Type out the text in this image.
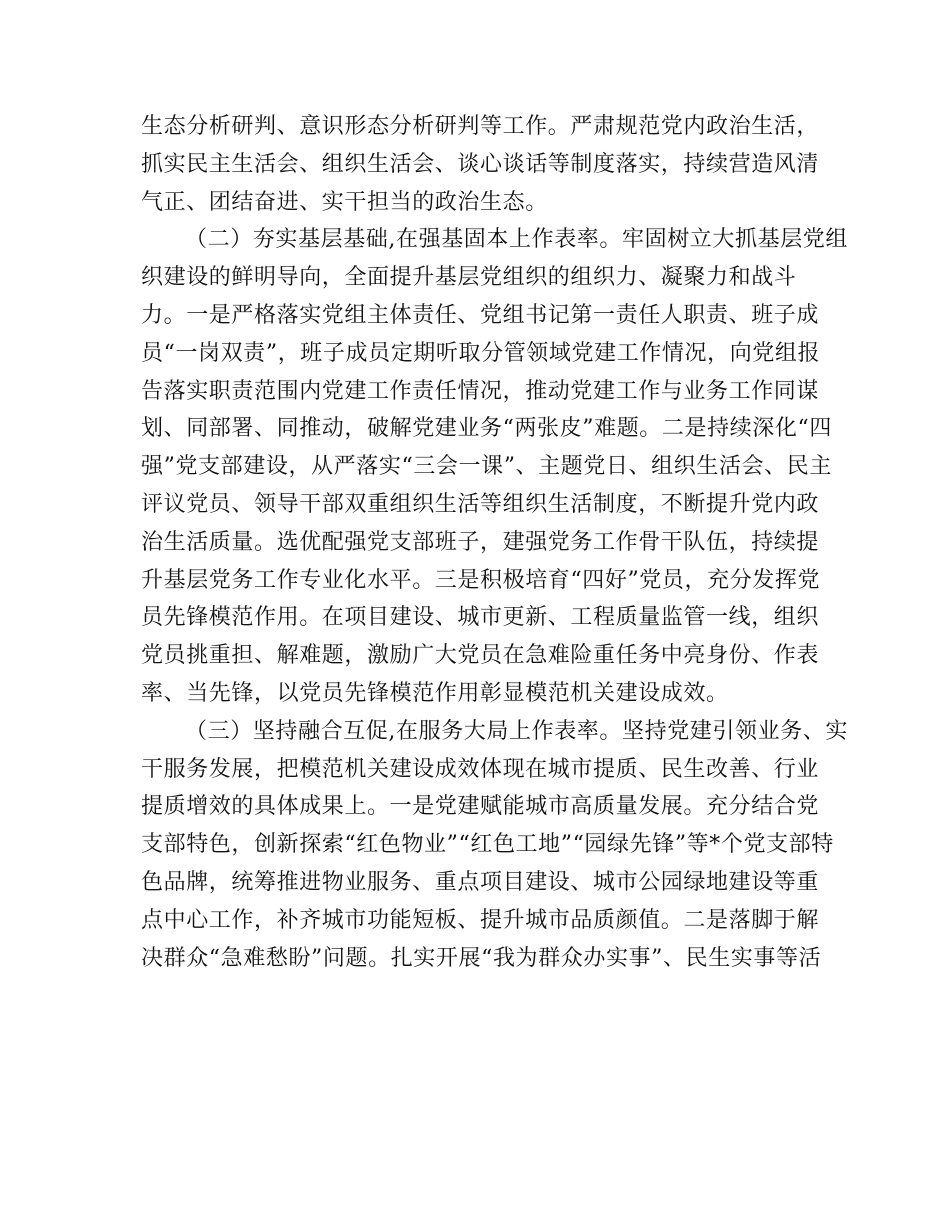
生态分析研判、意识形态分析研判等工作。严肃规范党内政治生活，
抓实民主生活会、组织生活会、谈心谈话等制度落实，持续营造风清
气正、团结奋进、实干担当的政治生态。
（二）夯实基层基础,在强基固本上作表率。牢固树立大抓基层党组
织建设的鲜明导向，全面提升基层党组织的组织力、凝聚力和战斗
力。一是严格落实党组主体责任、党组书记第一责任人职责、班子成
员“一岗双责”，班子成员定期听取分管领域党建工作情况，向党组报
告落实职责范围内党建工作责任情况，推动党建工作与业务工作同谋
划、同部署、同推动，破解党建业务“两张皮”难题。二是持续深化“四
强”党支部建设，从严落实“三会一课”、主题党日、组织生活会、民主
评议党员、领导干部双重组织生活等组织生活制度，不断提升党内政
治生活质量。选优配强党支部班子，建强党务工作骨干队伍，持续提
升基层党务工作专业化水平。三是积极培育“四好”党员，充分发挥党
员先锋模范作用。在项目建设、城市更新、工程质量监管一线，组织
党员挑重担、解难题，激励广大党员在急难险重任务中亮身份、作表
率、当先锋，以党员先锋模范作用彰显模范机关建设成效。
（三）坚持融合互促,在服务大局上作表率。坚持党建引领业务、实
干服务发展，把模范机关建设成效体现在城市提质、民生改善、行业
提质增效的具体成果上。一是党建赋能城市高质量发展。充分结合党
支部特色，创新探索“红色物业”“红色工地”“园绿先锋”等*个党支部特
色品牌，统筹推进物业服务、重点项目建设、城市公园绿地建设等重
点中心工作，补齐城市功能短板、提升城市品质颜值。二是落脚于解
决群众“急难愁盼”问题。扎实开展“我为群众办实事”、民生实事等活
